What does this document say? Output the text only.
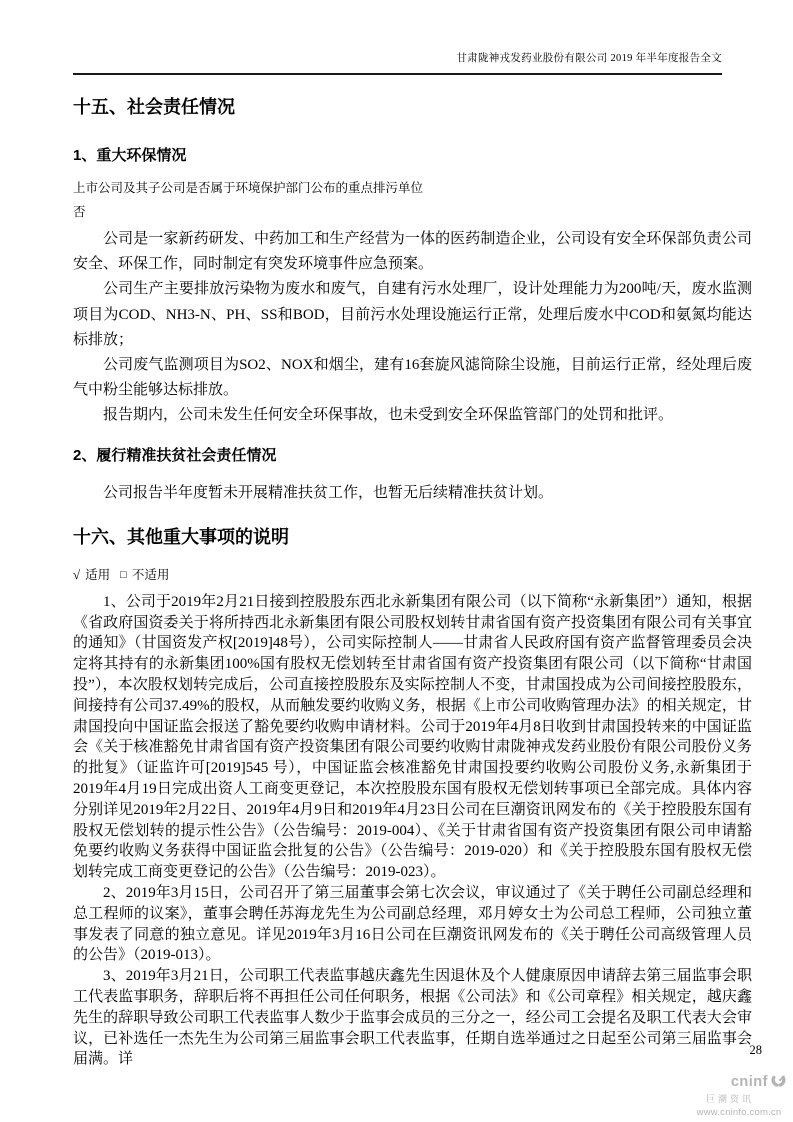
甘肃陇神戎发药业股份有限公司 2019 年半年度报告全文
十五、社会责任情况
1、重大环保情况
上市公司及其子公司是否属于环境保护部门公布的重点排污单位
否

公司是一家新药研发、中药加工和生产经营为一体的医药制造企业，公司设有安全环保部负责公司安全、环保工作，同时制定有突发环境事件应急预案。

公司生产主要排放污染物为废水和废气，自建有污水处理厂，设计处理能力为200吨/天，废水监测项目为COD、NH3-N、PH、SS和BOD，目前污水处理设施运行正常，处理后废水中COD和氨氮均能达标排放；

公司废气监测项目为SO2、NOX和烟尘，建有16套旋风滤筒除尘设施，目前运行正常，经处理后废气中粉尘能够达标排放。

报告期内，公司未发生任何安全环保事故，也未受到安全环保监管部门的处罚和批评。

2、履行精准扶贫社会责任情况

公司报告半年度暂未开展精准扶贫工作，也暂无后续精准扶贫计划。

十六、其他重大事项的说明
√ 适用 □ 不适用

1、公司于2019年2月21日接到控股股东西北永新集团有限公司（以下简称“永新集团”）通知，根据《省政府国资委关于将所持西北永新集团有限公司股权划转甘肃省国有资产投资集团有限公司有关事宜的通知》（甘国资发产权[2019]48号），公司实际控制人——甘肃省人民政府国有资产监督管理委员会决定将其持有的永新集团100%国有股权无偿划转至甘肃省国有资产投资集团有限公司（以下简称“甘肃国投”），本次股权划转完成后，公司直接控股股东及实际控制人不变，甘肃国投成为公司间接控股股东，间接持有公司37.49%的股权，从而触发要约收购义务，根据《上市公司收购管理办法》的相关规定，甘肃国投向中国证监会报送了豁免要约收购申请材料。公司于2019年4月8日收到甘肃国投转来的中国证监会《关于核准豁免甘肃省国有资产投资集团有限公司要约收购甘肃陇神戎发药业股份有限公司股份义务的批复》（证监许可[2019]545 号），中国证监会核准豁免甘肃国投要约收购公司股份义务,永新集团于2019年4月19日完成出资人工商变更登记，本次控股股东国有股权无偿划转事项已全部完成。具体内容分别详见2019年2月22日、2019年4月9日和2019年4月23日公司在巨潮资讯网发布的《关于控股股东国有股权无偿划转的提示性公告》（公告编号：2019-004）、《关于甘肃省国有资产投资集团有限公司申请豁免要约收购义务获得中国证监会批复的公告》（公告编号：2019-020）和《关于控股股东国有股权无偿划转完成工商变更登记的公告》（公告编号：2019-023）。

2、2019年3月15日，公司召开了第三届董事会第七次会议，审议通过了《关于聘任公司副总经理和总工程师的议案》，董事会聘任苏海龙先生为公司副总经理，邓月婷女士为公司总工程师，公司独立董事发表了同意的独立意见。详见2019年3月16日公司在巨潮资讯网发布的《关于聘任公司高级管理人员的公告》（2019-013）。

3、2019年3月21日，公司职工代表监事越庆鑫先生因退休及个人健康原因申请辞去第三届监事会职工代表监事职务，辞职后将不再担任公司任何职务，根据《公司法》和《公司章程》相关规定，越庆鑫先生的辞职导致公司职工代表监事人数少于监事会成员的三分之一，经公司工会提名及职工代表大会审议，已补选任一杰先生为公司第三届监事会职工代表监事，任期自选举通过之日起至公司第三届监事会届满。详

28
cninf
巨潮资讯
www.cninfo.com.cn
